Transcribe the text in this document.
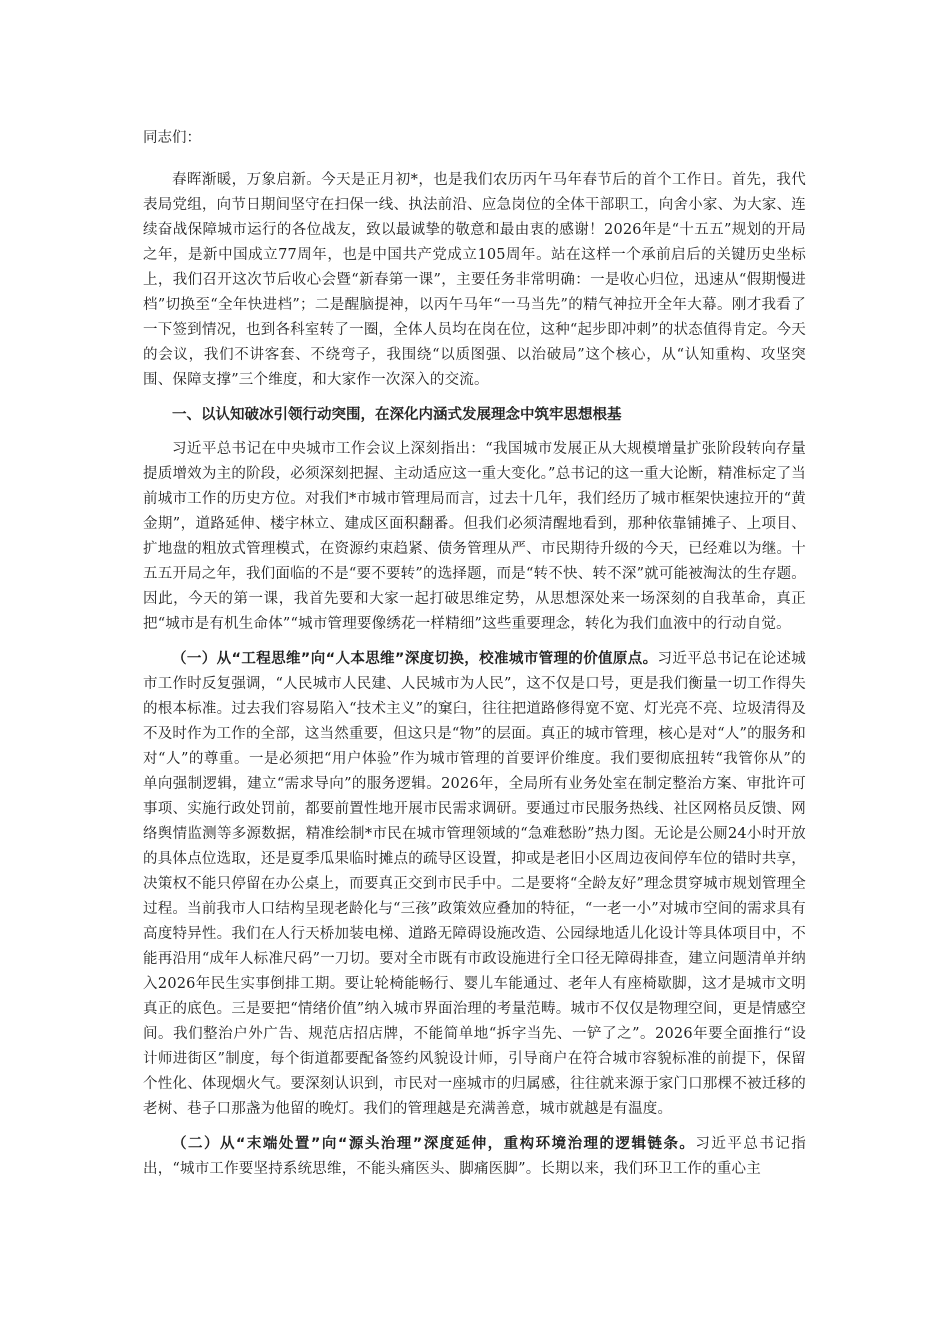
同志们：

春晖渐暖，万象启新。今天是正月初*，也是我们农历丙午马年春节后的首个工作日。首先，我代表局党组，向节日期间坚守在扫保一线、执法前沿、应急岗位的全体干部职工，向舍小家、为大家、连续奋战保障城市运行的各位战友，致以最诚挚的敬意和最由衷的感谢！2026年是“十五五”规划的开局之年，是新中国成立77周年，也是中国共产党成立105周年。站在这样一个承前启后的关键历史坐标上，我们召开这次节后收心会暨“新春第一课”，主要任务非常明确：一是收心归位，迅速从“假期慢进档”切换至“全年快进档”；二是醒脑提神，以丙午马年“一马当先”的精气神拉开全年大幕。刚才我看了一下签到情况，也到各科室转了一圈，全体人员均在岗在位，这种“起步即冲刺”的状态值得肯定。今天的会议，我们不讲客套、不绕弯子，我围绕“以质图强、以治破局”这个核心，从“认知重构、攻坚突围、保障支撑”三个维度，和大家作一次深入的交流。

一、以认知破冰引领行动突围，在深化内涵式发展理念中筑牢思想根基

习近平总书记在中央城市工作会议上深刻指出：“我国城市发展正从大规模增量扩张阶段转向存量提质增效为主的阶段，必须深刻把握、主动适应这一重大变化。”总书记的这一重大论断，精准标定了当前城市工作的历史方位。对我们*市城市管理局而言，过去十几年，我们经历了城市框架快速拉开的“黄金期”，道路延伸、楼宇林立、建成区面积翻番。但我们必须清醒地看到，那种依靠铺摊子、上项目、扩地盘的粗放式管理模式，在资源约束趋紧、债务管理从严、市民期待升级的今天，已经难以为继。十五五开局之年，我们面临的不是“要不要转”的选择题，而是“转不快、转不深”就可能被淘汰的生存题。因此，今天的第一课，我首先要和大家一起打破思维定势，从思想深处来一场深刻的自我革命，真正把“城市是有机生命体”“城市管理要像绣花一样精细”这些重要理念，转化为我们血液中的行动自觉。

（一）从“工程思维”向“人本思维”深度切换，校准城市管理的价值原点。习近平总书记在论述城市工作时反复强调，“人民城市人民建、人民城市为人民”，这不仅是口号，更是我们衡量一切工作得失的根本标准。过去我们容易陷入“技术主义”的窠臼，往往把道路修得宽不宽、灯光亮不亮、垃圾清得及不及时作为工作的全部，这当然重要，但这只是“物”的层面。真正的城市管理，核心是对“人”的服务和对“人”的尊重。一是必须把“用户体验”作为城市管理的首要评价维度。我们要彻底扭转“我管你从”的单向强制逻辑，建立“需求导向”的服务逻辑。2026年，全局所有业务处室在制定整治方案、审批许可事项、实施行政处罚前，都要前置性地开展市民需求调研。要通过市民服务热线、社区网格员反馈、网络舆情监测等多源数据，精准绘制*市民在城市管理领域的“急难愁盼”热力图。无论是公厕24小时开放的具体点位选取，还是夏季瓜果临时摊点的疏导区设置，抑或是老旧小区周边夜间停车位的错时共享，决策权不能只停留在办公桌上，而要真正交到市民手中。二是要将“全龄友好”理念贯穿城市规划管理全过程。当前我市人口结构呈现老龄化与“三孩”政策效应叠加的特征，“一老一小”对城市空间的需求具有高度特异性。我们在人行天桥加装电梯、道路无障碍设施改造、公园绿地适儿化设计等具体项目中，不能再沿用“成年人标准尺码”一刀切。要对全市既有市政设施进行全口径无障碍排查，建立问题清单并纳入2026年民生实事倒排工期。要让轮椅能畅行、婴儿车能通过、老年人有座椅歇脚，这才是城市文明真正的底色。三是要把“情绪价值”纳入城市界面治理的考量范畴。城市不仅仅是物理空间，更是情感空间。我们整治户外广告、规范店招店牌，不能简单地“拆字当先、一铲了之”。2026年要全面推行“设计师进街区”制度，每个街道都要配备签约风貌设计师，引导商户在符合城市容貌标准的前提下，保留个性化、体现烟火气。要深刻认识到，市民对一座城市的归属感，往往就来源于家门口那棵不被迁移的老树、巷子口那盏为他留的晚灯。我们的管理越是充满善意，城市就越是有温度。

（二）从“末端处置”向“源头治理”深度延伸，重构环境治理的逻辑链条。习近平总书记指出，“城市工作要坚持系统思维，不能头痛医头、脚痛医脚”。长期以来，我们环卫工作的重心主
